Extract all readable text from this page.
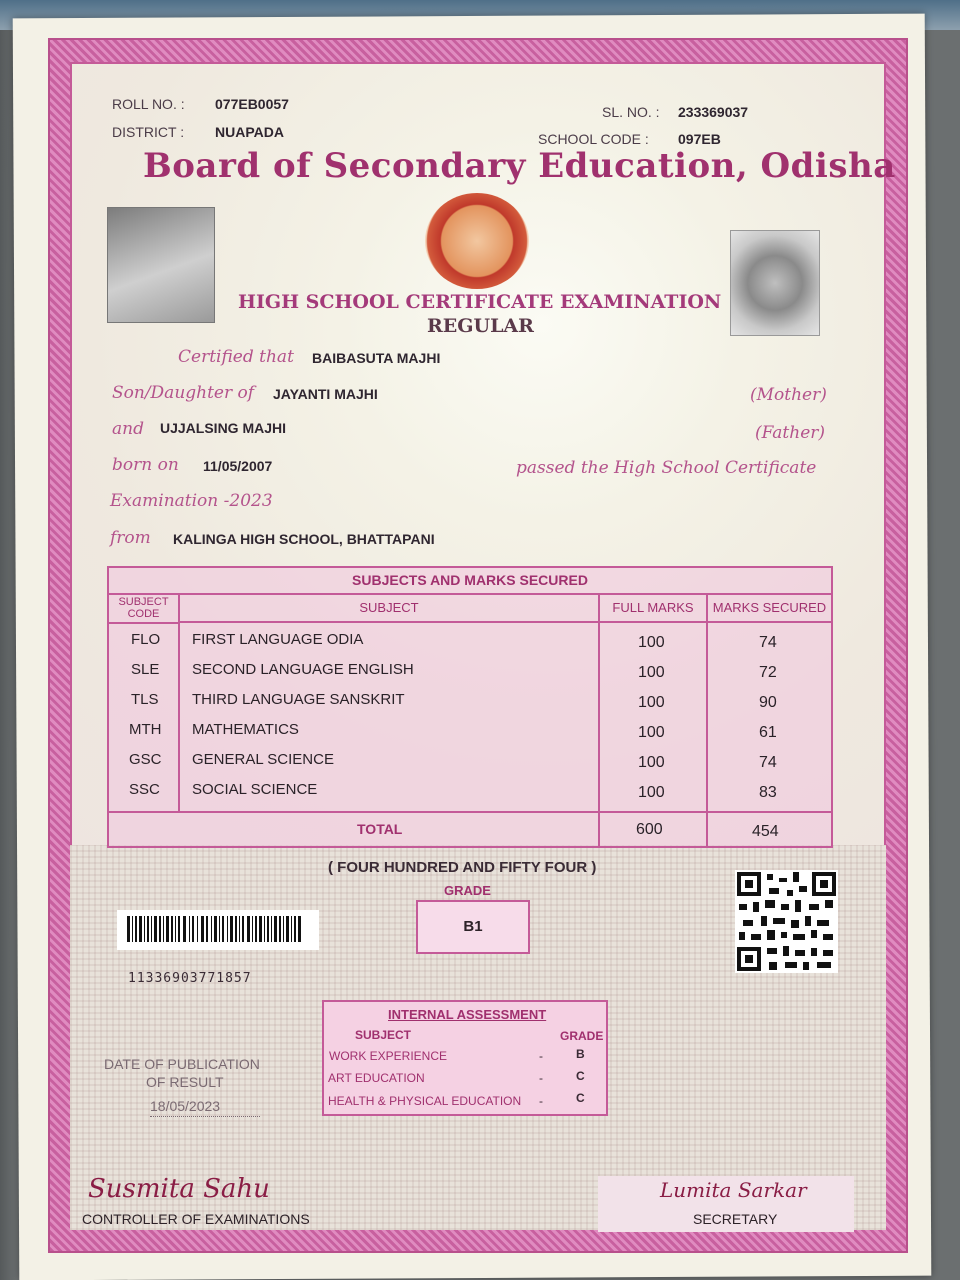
ROLL NO. : 077EB0057
DISTRICT : NUAPADA
SL. NO. : 233369037
SCHOOL CODE : 097EB
Board of Secondary Education, Odisha
HIGH SCHOOL CERTIFICATE EXAMINATION
REGULAR
Certified that BAIBASUTA MAJHI
Son/Daughter of JAYANTI MAJHI	(Mother)
and UJJALSING MAJHI	(Father)
born on 11/05/2007	passed the High School Certificate
Examination -2023
from KALINGA HIGH SCHOOL, BHATTAPANI
SUBJECTS AND MARKS SECURED
SUBJECT CODE	SUBJECT	FULL MARKS	MARKS SECURED
FLO FIRST LANGUAGE ODIA	100	74
SLE SECOND LANGUAGE ENGLISH	100	72
TLS THIRD LANGUAGE SANSKRIT	100	90
MTH MATHEMATICS	100	61
GSC GENERAL SCIENCE	100	74
SSC SOCIAL SCIENCE	100	83
TOTAL	600	454
( FOUR HUNDRED AND FIFTY FOUR )
GRADE
B1
11336903771857
INTERNAL ASSESSMENT
SUBJECT	GRADE
WORK EXPERIENCE	-	B
ART EDUCATION	-	C
HEALTH & PHYSICAL EDUCATION -	C
DATE OF PUBLICATION
OF RESULT
18/05/2023
Susmita Sahu
CONTROLLER OF EXAMINATIONS
Lumita Sarkar
SECRETARY
